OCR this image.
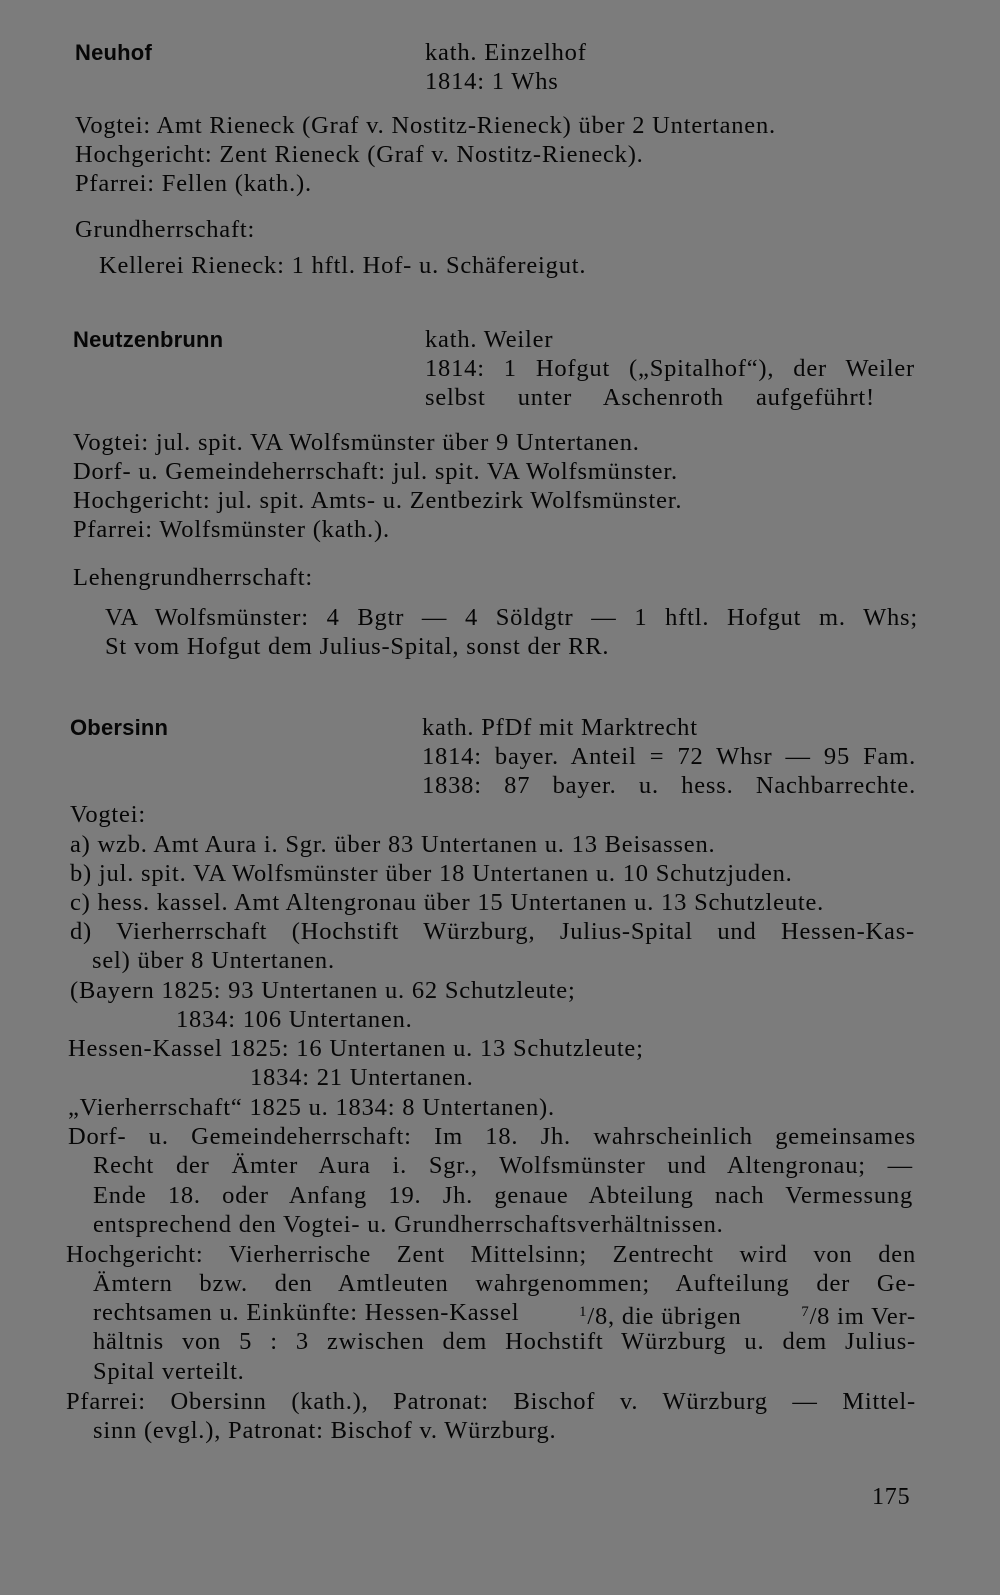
Neuhof	kath. Einzelhof
1814: 1 Whs
Vogtei: Amt Rieneck (Graf v. Nostitz-Rieneck) über 2 Untertanen.
Hochgericht: Zent Rieneck (Graf v. Nostitz-Rieneck).
Pfarrei: Fellen (kath.).
Grundherrschaft:
Kellerei Rieneck: 1 hftl. Hof- u. Schäfereigut.
Neutzenbrunn	kath. Weiler
1814: 1 Hofgut („Spitalhof“), der Weiler
selbst unter Aschenroth aufgeführt!
Vogtei: jul. spit. VA Wolfsmünster über 9 Untertanen.
Dorf- u. Gemeindeherrschaft: jul. spit. VA Wolfsmünster.
Hochgericht: jul. spit. Amts- u. Zentbezirk Wolfsmünster.
Pfarrei: Wolfsmünster (kath.).
Lehengrundherrschaft:
VA Wolfsmünster: 4 Bgtr — 4 Söldgtr — 1 hftl. Hofgut m. Whs;
St vom Hofgut dem Julius-Spital, sonst der RR.
Obersinn	kath. PfDf mit Marktrecht
1814: bayer. Anteil = 72 Whsr — 95 Fam.
1838: 87 bayer. u. hess. Nachbarrechte.
Vogtei:
a) wzb. Amt Aura i. Sgr. über 83 Untertanen u. 13 Beisassen.
b) jul. spit. VA Wolfsmünster über 18 Untertanen u. 10 Schutzjuden.
c) hess. kassel. Amt Altengronau über 15 Untertanen u. 13 Schutzleute.
d) Vierherrschaft (Hochstift Würzburg, Julius-Spital und Hessen-Kas-
sel) über 8 Untertanen.
(Bayern 1825: 93 Untertanen u. 62 Schutzleute;
1834: 106 Untertanen.
Hessen-Kassel 1825: 16 Untertanen u. 13 Schutzleute;
1834: 21 Untertanen.
„Vierherrschaft“ 1825 u. 1834: 8 Untertanen).
Dorf- u. Gemeindeherrschaft: Im 18. Jh. wahrscheinlich gemeinsames
Recht der Ämter Aura i. Sgr., Wolfsmünster und Altengronau; —
Ende 18. oder Anfang 19. Jh. genaue Abteilung nach Vermessung
entsprechend den Vogtei- u. Grundherrschaftsverhältnissen.
Hochgericht: Vierherrische Zent Mittelsinn; Zentrecht wird von den
Ämtern bzw. den Amtleuten wahrgenommen; Aufteilung der Ge-
rechtsamen u. Einkünfte: Hessen-Kassel	$^1$/8, die übrigen	$^7$/8 im Ver-
hältnis von 5 : 3 zwischen dem Hochstift Würzburg u. dem Julius-
Spital verteilt.
Pfarrei: Obersinn (kath.), Patronat: Bischof v. Würzburg — Mittel-
sinn (evgl.), Patronat: Bischof v. Würzburg.
175
